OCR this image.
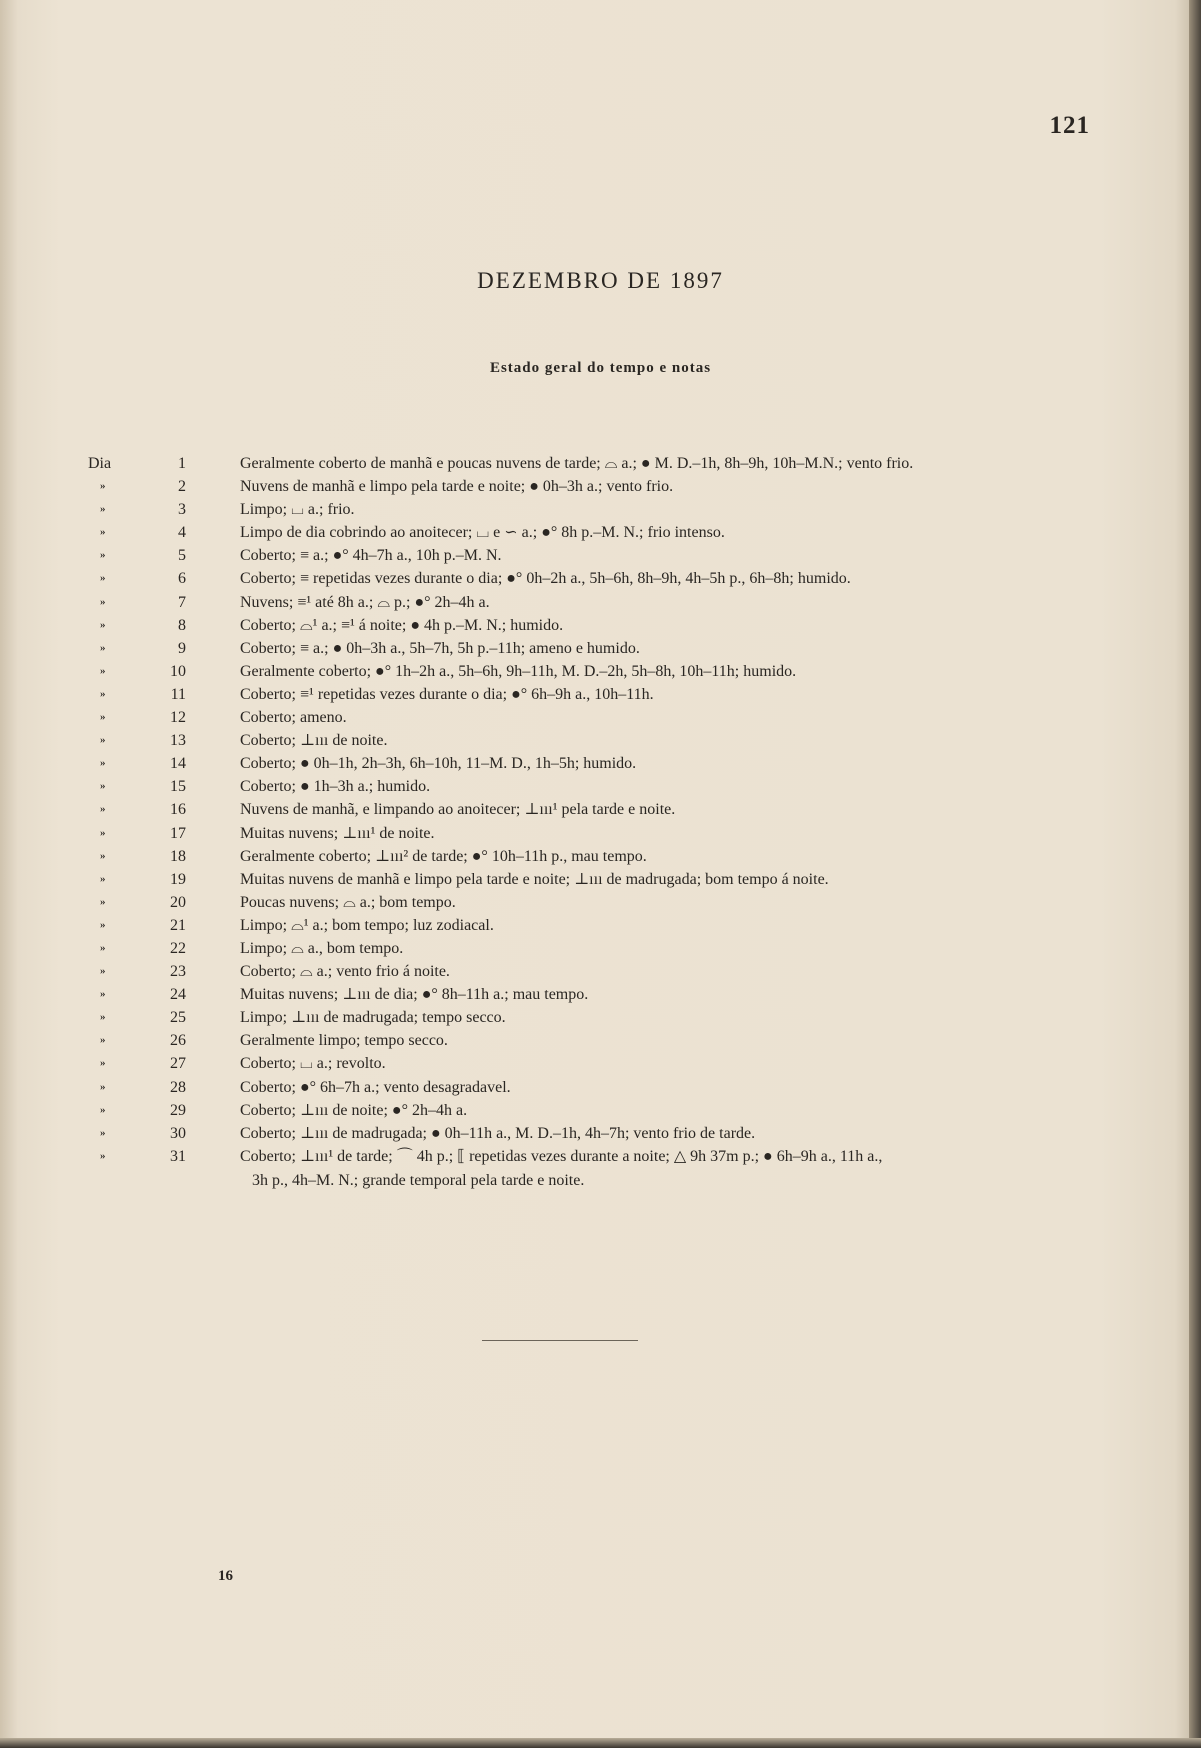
121
DEZEMBRO DE 1897
Estado geral do tempo e notas
Dia	1	Geralmente coberto de manhã e poucas nuvens de tarde; ⌓ a.; ● M. D.–1h, 8h–9h, 10h–M.N.; vento frio.
»	2	Nuvens de manhã e limpo pela tarde e noite; ● 0h–3h a.; vento frio.
»	3	Limpo; ⌴ a.; frio.
»	4	Limpo de dia cobrindo ao anoitecer; ⌴ e ∽ a.; ●° 8h p.–M. N.; frio intenso.
»	5	Coberto; ≡ a.; ●° 4h–7h a., 10h p.–M. N.
»	6	Coberto; ≡ repetidas vezes durante o dia; ●° 0h–2h a., 5h–6h, 8h–9h, 4h–5h p., 6h–8h; humido.
»	7	Nuvens; ≡¹ até 8h a.; ⌓ p.; ●° 2h–4h a.
»	8	Coberto; ⌓¹ a.; ≡¹ á noite; ● 4h p.–M. N.; humido.
»	9	Coberto; ≡ a.; ● 0h–3h a., 5h–7h, 5h p.–11h; ameno e humido.
»	10	Geralmente coberto; ●° 1h–2h a., 5h–6h, 9h–11h, M. D.–2h, 5h–8h, 10h–11h; humido.
»	11	Coberto; ≡¹ repetidas vezes durante o dia; ●° 6h–9h a., 10h–11h.
»	12	Coberto; ameno.
»	13	Coberto; ⊥ııı de noite.
»	14	Coberto; ● 0h–1h, 2h–3h, 6h–10h, 11–M. D., 1h–5h; humido.
»	15	Coberto; ● 1h–3h a.; humido.
»	16	Nuvens de manhã, e limpando ao anoitecer; ⊥ııı¹ pela tarde e noite.
»	17	Muitas nuvens; ⊥ııı¹ de noite.
»	18	Geralmente coberto; ⊥ııı² de tarde; ●° 10h–11h p., mau tempo.
»	19	Muitas nuvens de manhã e limpo pela tarde e noite; ⊥ııı de madrugada; bom tempo á noite.
»	20	Poucas nuvens; ⌓ a.; bom tempo.
»	21	Limpo; ⌓¹ a.; bom tempo; luz zodiacal.
»	22	Limpo; ⌓ a., bom tempo.
»	23	Coberto; ⌓ a.; vento frio á noite.
»	24	Muitas nuvens; ⊥ııı de dia; ●° 8h–11h a.; mau tempo.
»	25	Limpo; ⊥ııı de madrugada; tempo secco.
»	26	Geralmente limpo; tempo secco.
»	27	Coberto; ⌴ a.; revolto.
»	28	Coberto; ●° 6h–7h a.; vento desagradavel.
»	29	Coberto; ⊥ııı de noite; ●° 2h–4h a.
»	30	Coberto; ⊥ııı de madrugada; ● 0h–11h a., M. D.–1h, 4h–7h; vento frio de tarde.
»	31	Coberto; ⊥ııı¹ de tarde; ⌒ 4h p.; ⟦ repetidas vezes durante a noite; △ 9h 37m p.; ● 6h–9h a., 11h a.,
3h p., 4h–M. N.; grande temporal pela tarde e noite.
16
